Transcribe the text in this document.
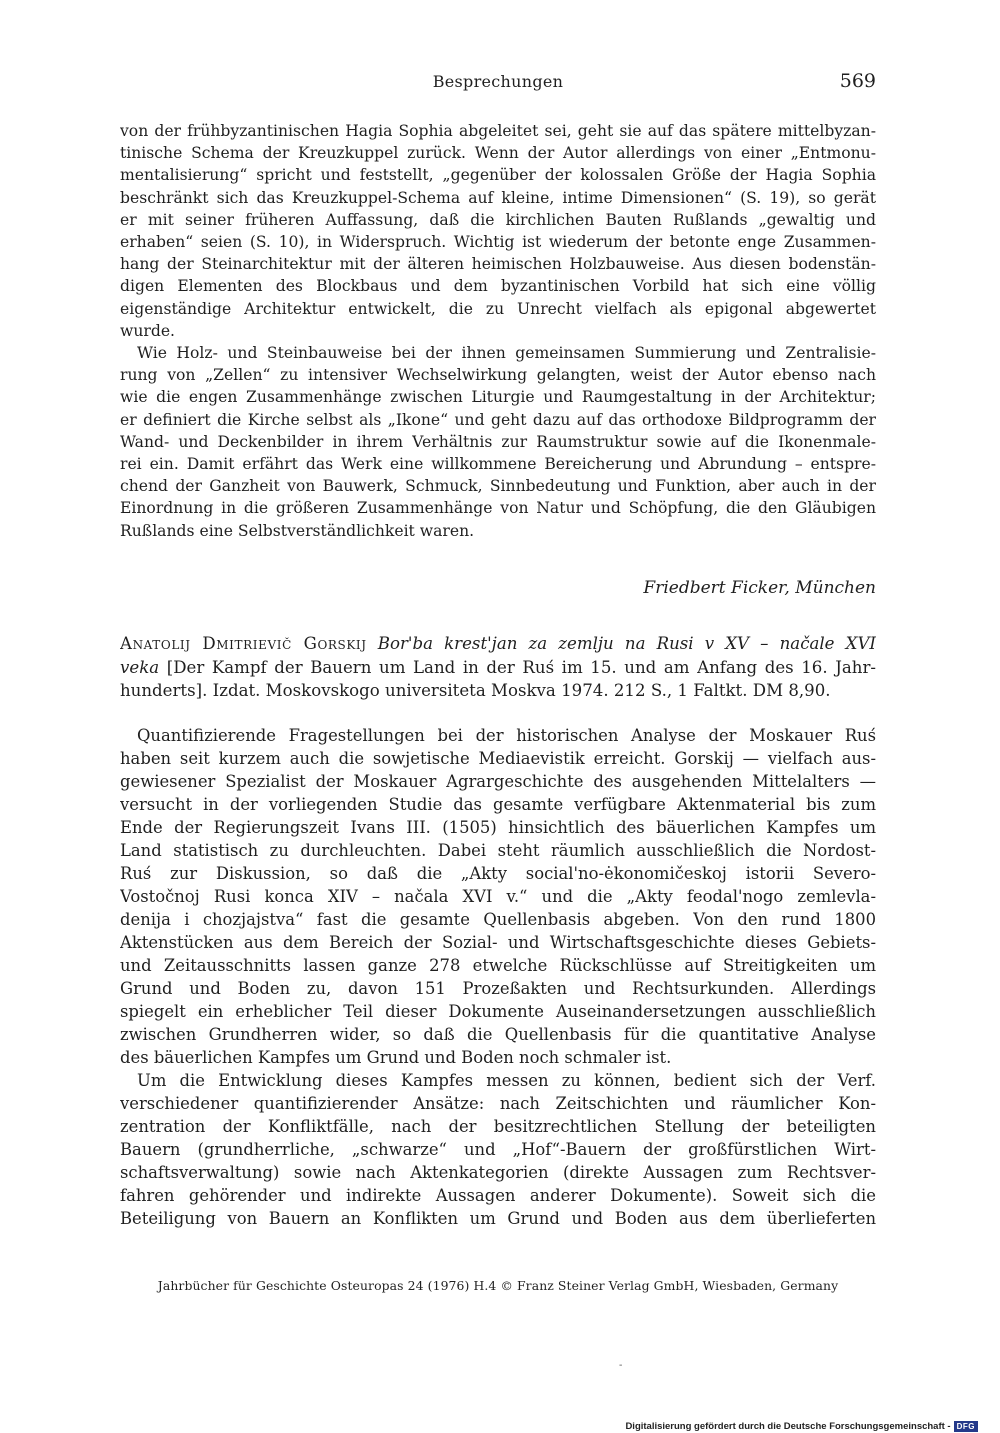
Besprechungen	569

von der frühbyzantinischen Hagia Sophia abgeleitet sei, geht sie auf das spätere mittelbyzan-
tinische Schema der Kreuzkuppel zurück. Wenn der Autor allerdings von einer „Entmonu-
mentalisierung“ spricht und feststellt, „gegenüber der kolossalen Größe der Hagia Sophia
beschränkt sich das Kreuzkuppel-Schema auf kleine, intime Dimensionen“ (S. 19), so gerät
er mit seiner früheren Auffassung, daß die kirchlichen Bauten Rußlands „gewaltig und
erhaben“ seien (S. 10), in Widerspruch. Wichtig ist wiederum der betonte enge Zusammen-
hang der Steinarchitektur mit der älteren heimischen Holzbauweise. Aus diesen bodenstän-
digen Elementen des Blockbaus und dem byzantinischen Vorbild hat sich eine völlig
eigenständige Architektur entwickelt, die zu Unrecht vielfach als epigonal abgewertet
wurde.

Wie Holz- und Steinbauweise bei der ihnen gemeinsamen Summierung und Zentralisie-
rung von „Zellen“ zu intensiver Wechselwirkung gelangten, weist der Autor ebenso nach
wie die engen Zusammenhänge zwischen Liturgie und Raumgestaltung in der Architektur;
er definiert die Kirche selbst als „Ikone“ und geht dazu auf das orthodoxe Bildprogramm der
Wand- und Deckenbilder in ihrem Verhältnis zur Raumstruktur sowie auf die Ikonenmale-
rei ein. Damit erfährt das Werk eine willkommene Bereicherung und Abrundung – entspre-
chend der Ganzheit von Bauwerk, Schmuck, Sinnbedeutung und Funktion, aber auch in der
Einordnung in die größeren Zusammenhänge von Natur und Schöpfung, die den Gläubigen
Rußlands eine Selbstverständlichkeit waren.

Friedbert Ficker, München
Anatolij Dmitrievič Gorskij Bor'ba krest'jan za zemlju na Rusi v XV – načale XVI
veka [Der Kampf der Bauern um Land in der Ruś im 15. und am Anfang des 16. Jahr-
hunderts]. Izdat. Moskovskogo universiteta Moskva 1974. 212 S., 1 Faltkt. DM 8,90.

Quantifizierende Fragestellungen bei der historischen Analyse der Moskauer Ruś
haben seit kurzem auch die sowjetische Mediaevistik erreicht. Gorskij — vielfach aus-
gewiesener Spezialist der Moskauer Agrargeschichte des ausgehenden Mittelalters —
versucht in der vorliegenden Studie das gesamte verfügbare Aktenmaterial bis zum
Ende der Regierungszeit Ivans III. (1505) hinsichtlich des bäuerlichen Kampfes um
Land statistisch zu durchleuchten. Dabei steht räumlich ausschließlich die Nordost-
Ruś zur Diskussion, so daß die „Akty social'no-ėkonomičeskoj istorii Severo-
Vostočnoj Rusi konca XIV – načala XVI v.“ und die „Akty feodal'nogo zemlevla-
denija i chozjajstva“ fast die gesamte Quellenbasis abgeben. Von den rund 1800
Aktenstücken aus dem Bereich der Sozial- und Wirtschaftsgeschichte dieses Gebiets-
und Zeitausschnitts lassen ganze 278 etwelche Rückschlüsse auf Streitigkeiten um
Grund und Boden zu, davon 151 Prozeßakten und Rechtsurkunden. Allerdings
spiegelt ein erheblicher Teil dieser Dokumente Auseinandersetzungen ausschließlich
zwischen Grundherren wider, so daß die Quellenbasis für die quantitative Analyse
des bäuerlichen Kampfes um Grund und Boden noch schmaler ist.

Um die Entwicklung dieses Kampfes messen zu können, bedient sich der Verf.
verschiedener quantifizierender Ansätze: nach Zeitschichten und räumlicher Kon-
zentration der Konfliktfälle, nach der besitzrechtlichen Stellung der beteiligten
Bauern (grundherrliche, „schwarze“ und „Hof“-Bauern der großfürstlichen Wirt-
schaftsverwaltung) sowie nach Aktenkategorien (direkte Aussagen zum Rechtsver-
fahren gehörender und indirekte Aussagen anderer Dokumente). Soweit sich die
Beteiligung von Bauern an Konflikten um Grund und Boden aus dem überlieferten

Jahrbücher für Geschichte Osteuropas 24 (1976) H.4 © Franz Steiner Verlag GmbH, Wiesbaden, Germany
-
Digitalisierung gefördert durch die Deutsche Forschungsgemeinschaft - DFG
